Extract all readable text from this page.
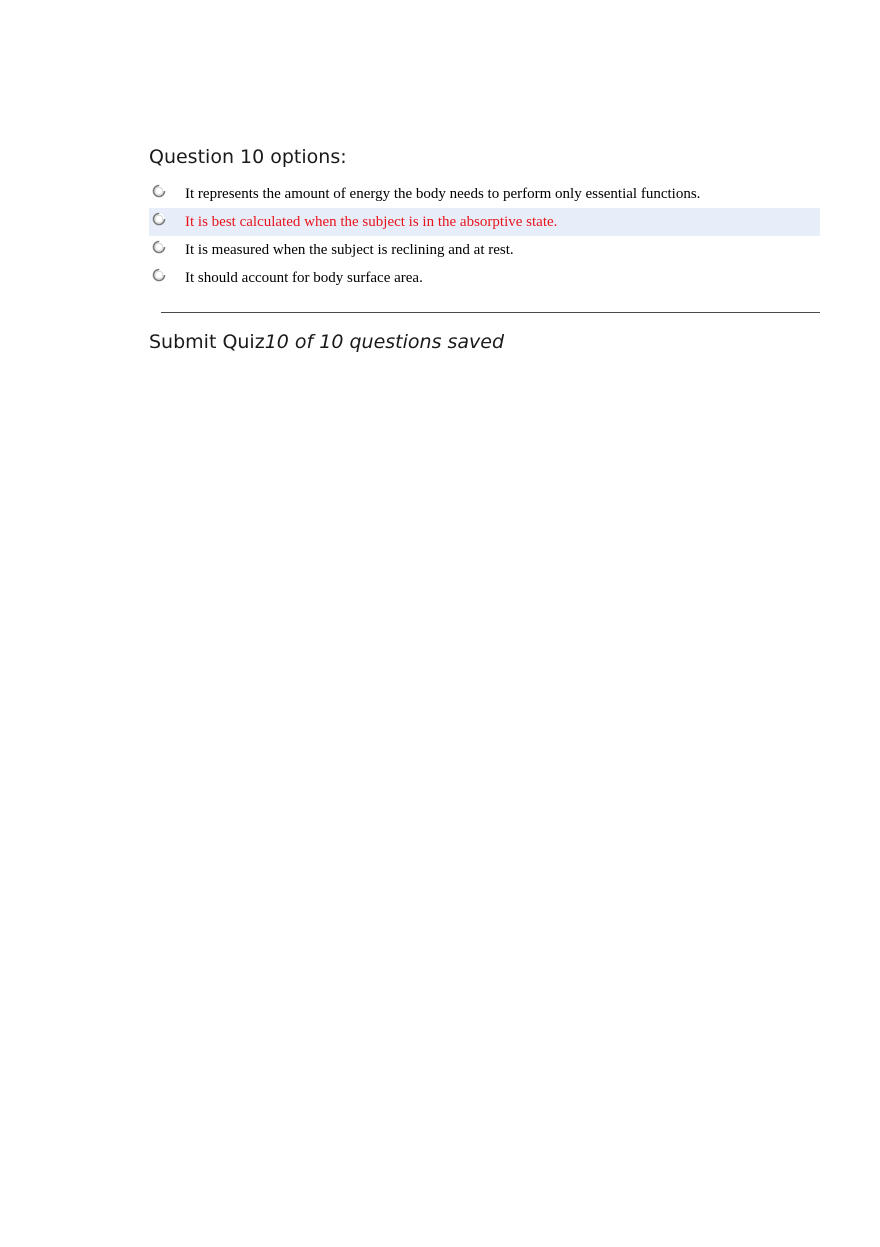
Question 10 options:
It represents the amount of energy the body needs to perform only essential functions.
It is best calculated when the subject is in the absorptive state.
It is measured when the subject is reclining and at rest.
It should account for body surface area.
Submit Quiz10 of 10 questions saved
